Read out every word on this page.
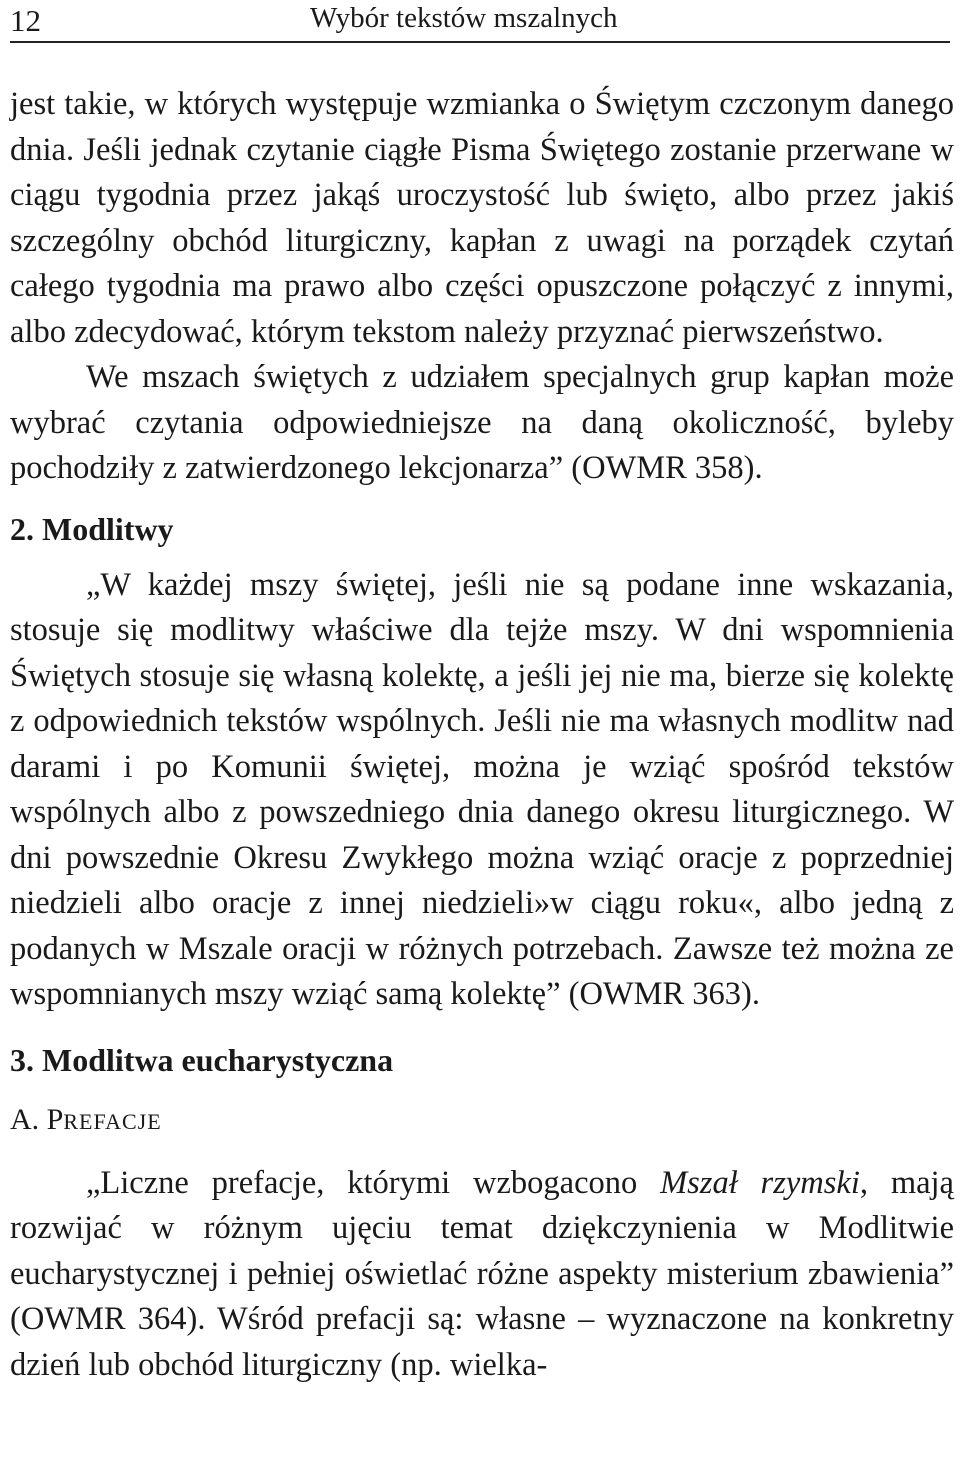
12	Wybór tekstów mszalnych

jest takie, w których występuje wzmianka o Świętym czczonym danego dnia. Jeśli jednak czytanie ciągłe Pisma Świętego zostanie przerwane w ciągu tygodnia przez jakąś uroczystość lub święto, albo przez jakiś szczególny obchód liturgiczny, kapłan z uwagi na porządek czytań całego tygodnia ma prawo albo części opuszczone połączyć z innymi, albo zdecydować, którym tekstom należy przyznać pierwszeństwo.

We mszach świętych z udziałem specjalnych grup kapłan może wybrać czytania odpowiedniejsze na daną okoliczność, byleby pochodziły z zatwierdzonego lekcjonarza” (OWMR 358).

2. Modlitwy

„W każdej mszy świętej, jeśli nie są podane inne wskazania, stosuje się modlitwy właściwe dla tejże mszy. W dni wspomnienia Świętych stosuje się własną kolektę, a jeśli jej nie ma, bierze się kolektę z odpowiednich tekstów wspólnych. Jeśli nie ma własnych modlitw nad darami i po Komunii świętej, można je wziąć spośród tekstów wspólnych albo z powszedniego dnia danego okresu liturgicznego. W dni powszednie Okresu Zwykłego można wziąć oracje z poprzedniej niedzieli albo oracje z innej niedzieli»w ciągu roku«, albo jedną z podanych w Mszale oracji w różnych potrzebach. Zawsze też można ze wspomnianych mszy wziąć samą kolektę” (OWMR 363).

3. Modlitwa eucharystyczna
A. PREFACJE

„Liczne prefacje, którymi wzbogacono Mszał rzymski, mają rozwijać w różnym ujęciu temat dziękczynienia w Modlitwie eucharystycznej i pełniej oświetlać różne aspekty misterium zbawienia” (OWMR 364). Wśród prefacji są: własne – wyznaczone na konkretny dzień lub obchód liturgiczny (np. wielka-
